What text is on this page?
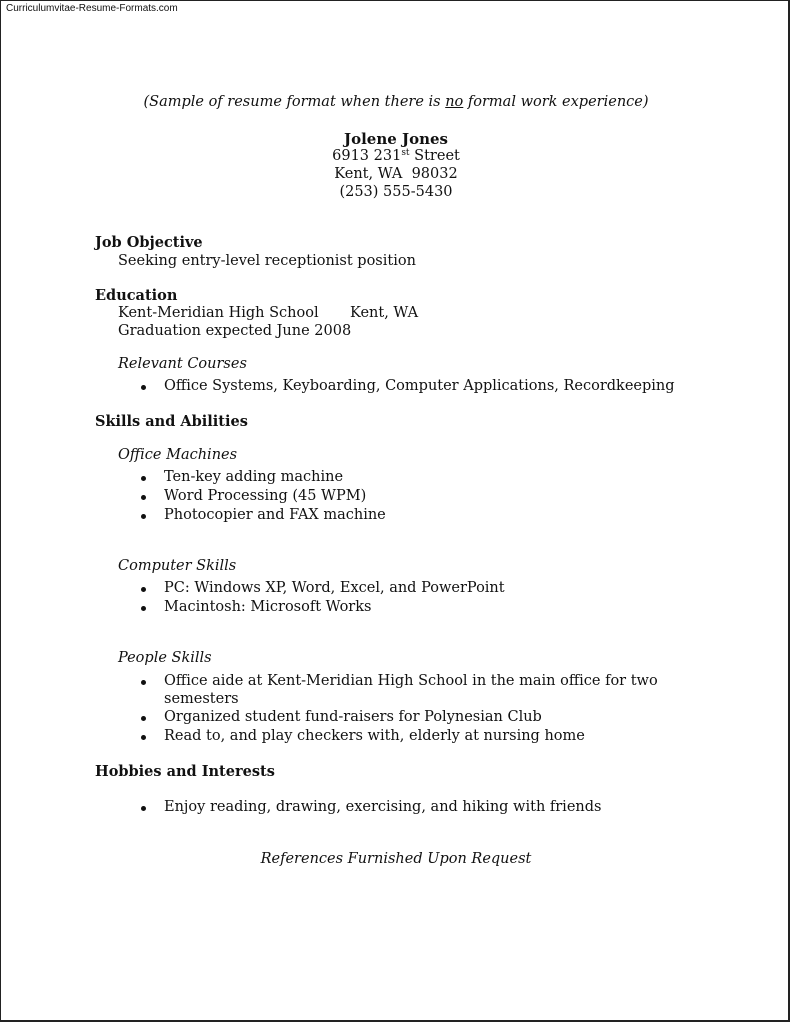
Curriculumvitae-Resume-Formats.com
(Sample of resume format when there is no formal work experience)
Jolene Jones
6913 231st Street
Kent, WA  98032
(253) 555-5430
Job Objective
Seeking entry-level receptionist position
Education
Kent-Meridian High School Kent, WA
Graduation expected June 2008
Relevant Courses
Office Systems, Keyboarding, Computer Applications, Recordkeeping
Skills and Abilities
Office Machines
Ten-key adding machine
Word Processing (45 WPM)
Photocopier and FAX machine
Computer Skills
PC: Windows XP, Word, Excel, and PowerPoint
Macintosh: Microsoft Works
People Skills
Office aide at Kent-Meridian High School in the main office for two
semesters
Organized student fund-raisers for Polynesian Club
Read to, and play checkers with, elderly at nursing home
Hobbies and Interests
Enjoy reading, drawing, exercising, and hiking with friends
References Furnished Upon Request
